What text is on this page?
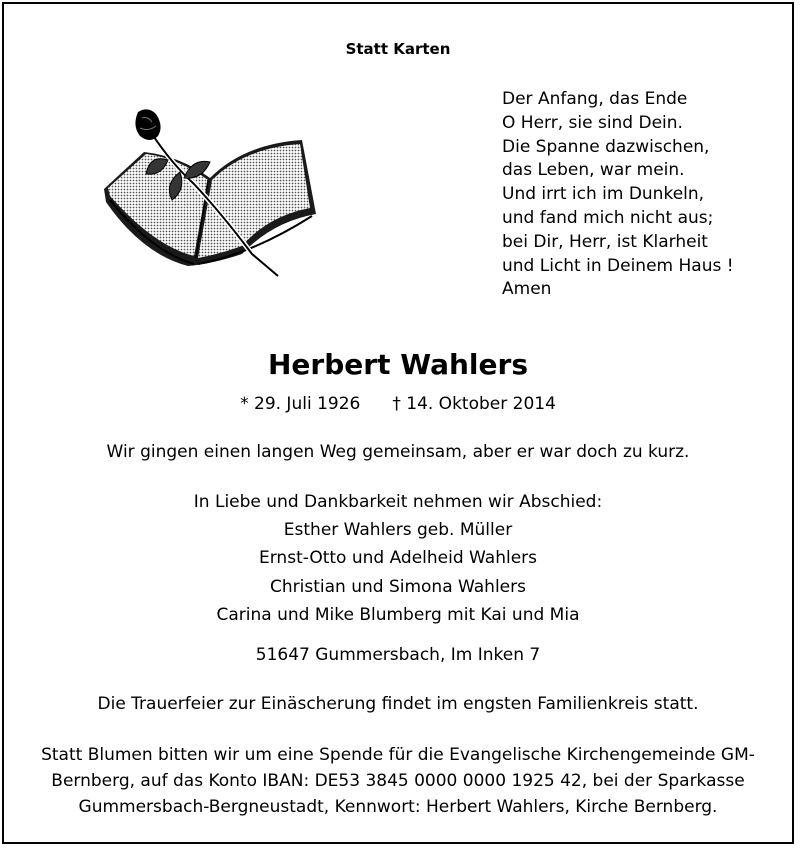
Statt Karten
Der Anfang, das Ende
O Herr, sie sind Dein.
Die Spanne dazwischen,
das Leben, war mein.
Und irrt ich im Dunkeln,
und fand mich nicht aus;
bei Dir, Herr, ist Klarheit
und Licht in Deinem Haus !
Amen
Herbert Wahlers
* 29. Juli 1926 † 14. Oktober 2014
Wir gingen einen langen Weg gemeinsam, aber er war doch zu kurz.
In Liebe und Dankbarkeit nehmen wir Abschied:
Esther Wahlers geb. Müller
Ernst-Otto und Adelheid Wahlers
Christian und Simona Wahlers
Carina und Mike Blumberg mit Kai und Mia
51647 Gummersbach, Im Inken 7
Die Trauerfeier zur Einäscherung findet im engsten Familienkreis statt.
Statt Blumen bitten wir um eine Spende für die Evangelische Kirchengemeinde GM-
Bernberg, auf das Konto IBAN: DE53 3845 0000 0000 1925 42, bei der Sparkasse
Gummersbach-Bergneustadt, Kennwort: Herbert Wahlers, Kirche Bernberg.
